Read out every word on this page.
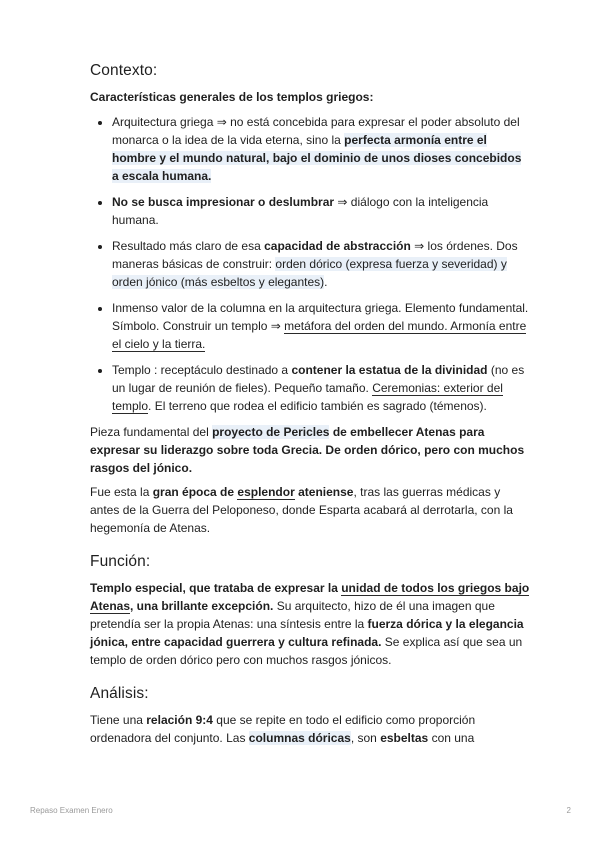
Contexto:
Características generales de los templos griegos:
• Arquitectura griega ⇒ no está concebida para expresar el poder absoluto del monarca o la idea de la vida eterna, sino la perfecta armonía entre el hombre y el mundo natural, bajo el dominio de unos dioses concebidos a escala humana.
• No se busca impresionar o deslumbrar ⇒ diálogo con la inteligencia humana.
• Resultado más claro de esa capacidad de abstracción ⇒ los órdenes. Dos maneras básicas de construir: orden dórico (expresa fuerza y severidad) y orden jónico (más esbeltos y elegantes).
• Inmenso valor de la columna en la arquitectura griega. Elemento fundamental. Símbolo. Construir un templo ⇒ metáfora del orden del mundo. Armonía entre el cielo y la tierra.
• Templo : receptáculo destinado a contener la estatua de la divinidad (no es un lugar de reunión de fieles). Pequeño tamaño. Ceremonias: exterior del templo. El terreno que rodea el edificio también es sagrado (témenos).

Pieza fundamental del proyecto de Pericles de embellecer Atenas para expresar su liderazgo sobre toda Grecia. De orden dórico, pero con muchos rasgos del jónico.

Fue esta la gran época de esplendor ateniense, tras las guerras médicas y antes de la Guerra del Peloponeso, donde Esparta acabará al derrotarla, con la hegemonía de Atenas.

Función:

Templo especial, que trataba de expresar la unidad de todos los griegos bajo Atenas, una brillante excepción. Su arquitecto, hizo de él una imagen que pretendía ser la propia Atenas: una síntesis entre la fuerza dórica y la elegancia jónica, entre capacidad guerrera y cultura refinada. Se explica así que sea un templo de orden dórico pero con muchos rasgos jónicos.

Análisis:

Tiene una relación 9:4 que se repite en todo el edificio como proporción ordenadora del conjunto. Las columnas dóricas, son esbeltas con una

Repaso Examen Enero	2
